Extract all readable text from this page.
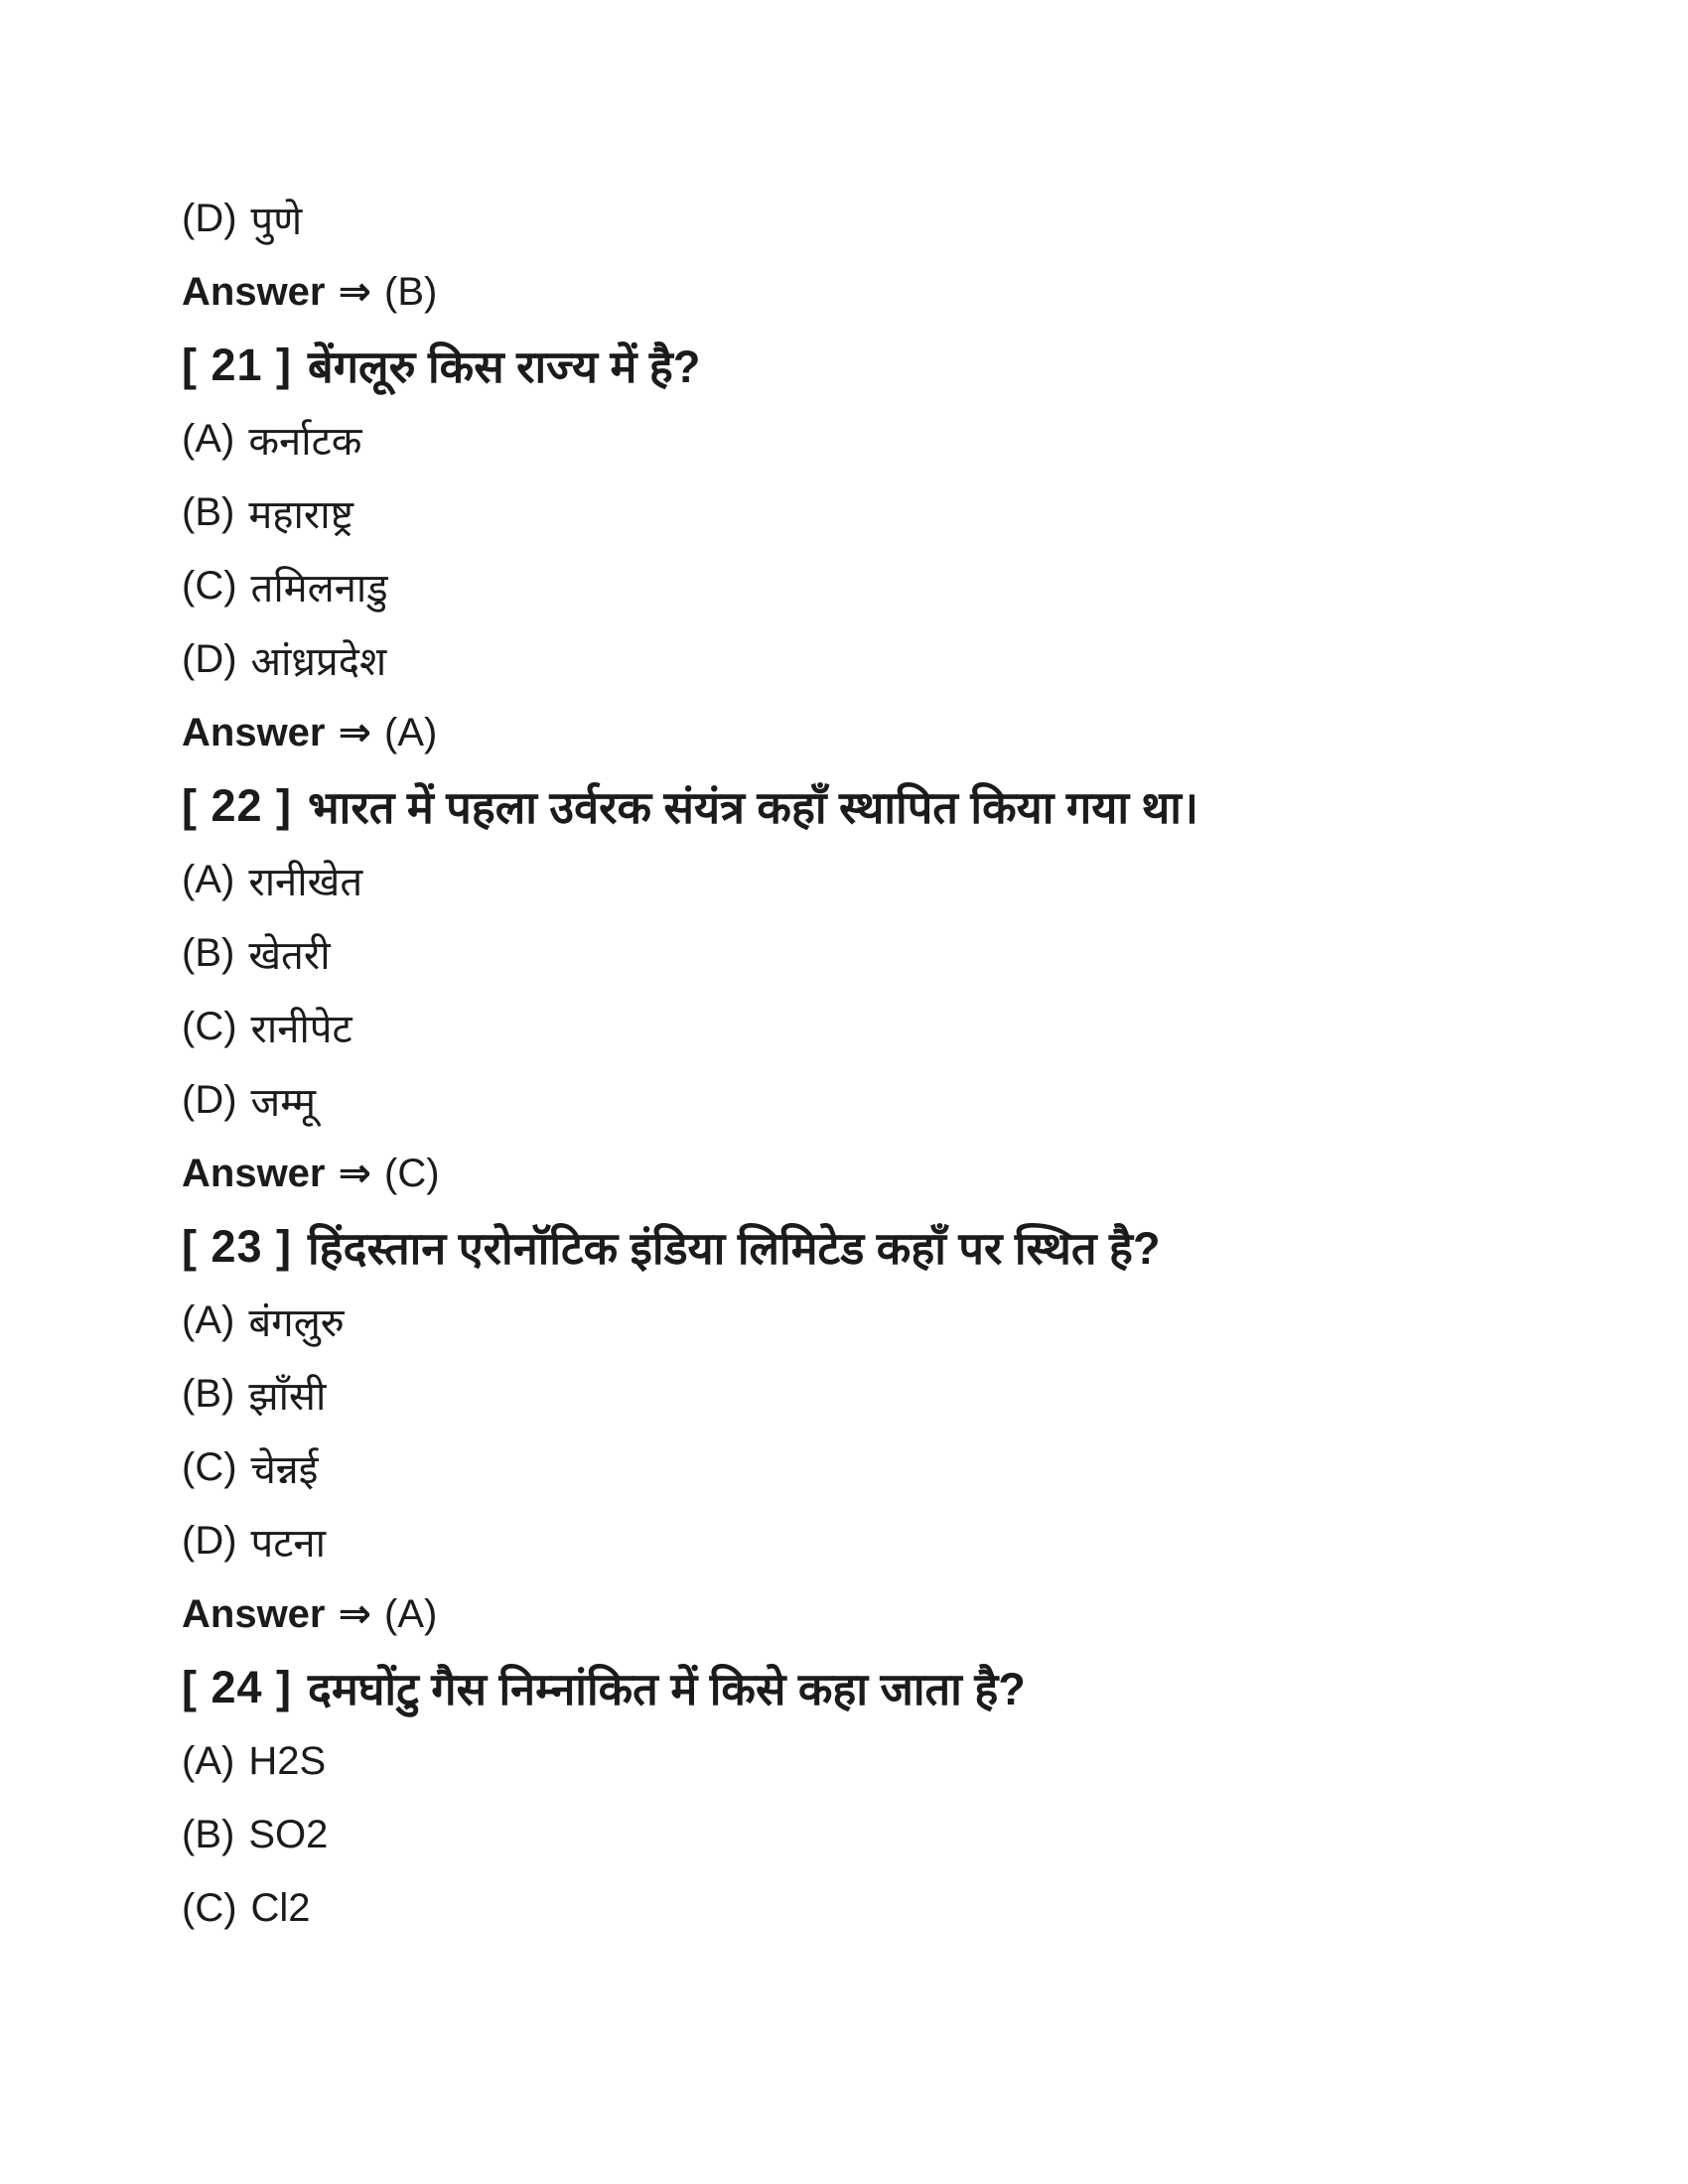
(D) पुणे
Answer ⇒ (B)
[ 21 ] बेंगलूरु किस राज्य में है?
(A) कर्नाटक
(B) महाराष्ट्र
(C) तमिलनाडु
(D) आंध्रप्रदेश
Answer ⇒ (A)
[ 22 ] भारत में पहला उर्वरक संयंत्र कहाँ स्थापित किया गया था।
(A) रानीखेत
(B) खेतरी
(C) रानीपेट
(D) जम्मू
Answer ⇒ (C)
[ 23 ] हिंदस्तान एरोनॉटिक इंडिया लिमिटेड कहाँ पर स्थित है?
(A) बंगलुरु
(B) झाँसी
(C) चेन्नई
(D) पटना
Answer ⇒ (A)
[ 24 ] दमघोंटु गैस निम्नांकित में किसे कहा जाता है?
(A) H2S
(B) SO2
(C) Cl2
